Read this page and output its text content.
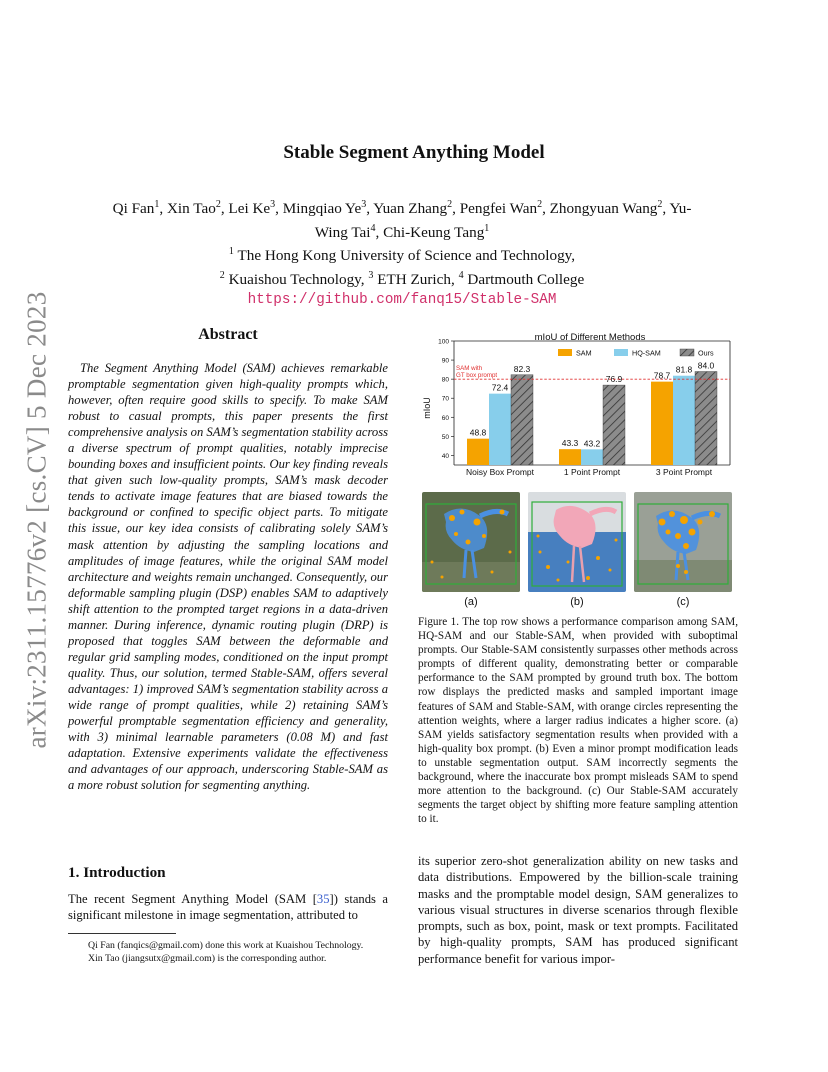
arXiv:2311.15776v2 [cs.CV] 5 Dec 2023
Stable Segment Anything Model
Qi Fan$^1$, Xin Tao$^2$, Lei Ke$^3$, Mingqiao Ye$^3$, Yuan Zhang$^2$, Pengfei Wan$^2$, Zhongyuan Wang$^2$, Yu-Wing Tai$^4$, Chi-Keung Tang$^1$
$^1$ The Hong Kong University of Science and Technology,
$^2$ Kuaishou Technology, $^3$ ETH Zurich, $^4$ Dartmouth College
https://github.com/fanq15/Stable-SAM
Abstract

The Segment Anything Model (SAM) achieves remarkable promptable segmentation given high-quality prompts which, however, often require good skills to specify. To make SAM robust to casual prompts, this paper presents the first comprehensive analysis on SAM’s segmentation stability across a diverse spectrum of prompt qualities, notably imprecise bounding boxes and insufficient points. Our key finding reveals that given such low-quality prompts, SAM’s mask decoder tends to activate image features that are biased towards the background or confined to specific object parts. To mitigate this issue, our key idea consists of calibrating solely SAM’s mask attention by adjusting the sampling locations and amplitudes of image features, while the original SAM model architecture and weights remain unchanged. Consequently, our deformable sampling plugin (DSP) enables SAM to adaptively shift attention to the prompted target regions in a data-driven manner. During inference, dynamic routing plugin (DRP) is proposed that toggles SAM between the deformable and regular grid sampling modes, conditioned on the input prompt quality. Thus, our solution, termed Stable-SAM, offers several advantages: 1) improved SAM’s segmentation stability across a wide range of prompt qualities, while 2) retaining SAM’s powerful promptable segmentation efficiency and generality, with 3) minimal learnable parameters (0.08 M) and fast adaptation. Extensive experiments validate the effectiveness and advantages of our approach, underscoring Stable-SAM as a more robust solution for segmenting anything.

1. Introduction

The recent Segment Anything Model (SAM [35]) stands a significant milestone in image segmentation, attributed to

Qi Fan (fanqics@gmail.com) done this work at Kuaishou Technology.

Xin Tao (jiangsutx@gmail.com) is the corresponding author.

mIoU of Different Methods
mIoU
40
50
60
70
80
90
100
48.8
72.4
82.3
Noisy Box Prompt
43.3 43.2
76.9
1 Point Prompt
78.7
81.8 84.0
3 Point Prompt
SAM with
GT box prompt
SAM	HQ-SAM	Ours
(a)	(b)	(c)

Figure 1. The top row shows a performance comparison among SAM, HQ-SAM and our Stable-SAM, when provided with suboptimal prompts. Our Stable-SAM consistently surpasses other methods across prompts of different quality, demonstrating better or comparable performance to the SAM prompted by ground truth box. The bottom row displays the predicted masks and sampled important image features of SAM and Stable-SAM, with orange circles representing the attention weights, where a larger radius indicates a higher score. (a) SAM yields satisfactory segmentation results when provided with a high-quality box prompt. (b) Even a minor prompt modification leads to unstable segmentation output. SAM incorrectly segments the background, where the inaccurate box prompt misleads SAM to spend more attention to the background. (c) Our Stable-SAM accurately segments the target object by shifting more feature sampling attention to it.

its superior zero-shot generalization ability on new tasks and data distributions. Empowered by the billion-scale training masks and the promptable model design, SAM generalizes to various visual structures in diverse scenarios through flexible prompts, such as box, point, mask or text prompts. Facilitated by high-quality prompts, SAM has produced significant performance benefit for various impor-
